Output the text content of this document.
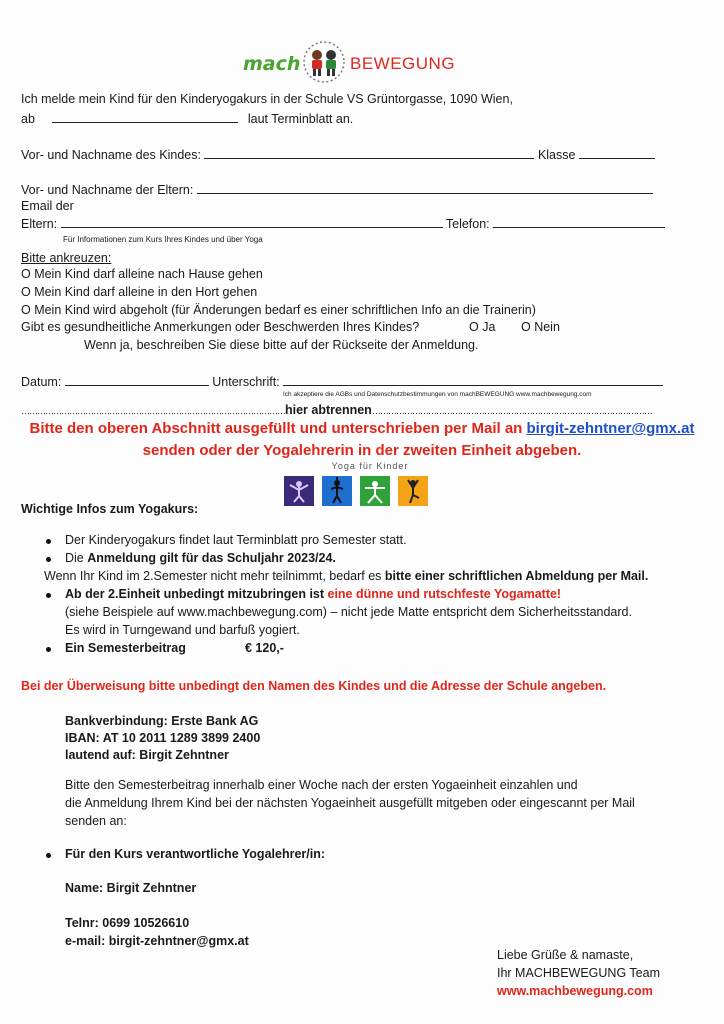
mach	BEWEGUNG
Ich melde mein Kind für den Kinderyogakurs in der Schule VS Grüntorgasse, 1090 Wien,
ab	laut Terminblatt an.
Vor- und Nachname des Kindes:	Klasse
Vor- und Nachname der Eltern:
Email der
Eltern:	Telefon:
Für Informationen zum Kurs Ihres Kindes und über Yoga
Bitte ankreuzen:
O Mein Kind darf alleine nach Hause gehen
O Mein Kind darf alleine in den Hort gehen
O Mein Kind wird abgeholt (für Änderungen bedarf es einer schriftlichen Info an die Trainerin)
Gibt es gesundheitliche Anmerkungen oder Beschwerden Ihres Kindes?	O Ja O Nein
Wenn ja, beschreiben Sie diese bitte auf der Rückseite der Anmeldung.
Datum:	Unterschrift:
Ich akzeptiere die AGBs und Datenschutzbestimmungen von machBEWEGUNG www.machbewegung.com
………………………………………………………………………………………hier abtrennen……………………………………………………………………………………………
Bitte den oberen Abschnitt ausgefüllt und unterschrieben per Mail an birgit-zehntner@gmx.at
senden oder der Yogalehrerin in der zweiten Einheit abgeben.
Yoga für Kinder
Wichtige Infos zum Yogakurs:
Der Kinderyogakurs findet laut Terminblatt pro Semester statt.
Die Anmeldung gilt für das Schuljahr 2023/24.
Wenn Ihr Kind im 2.Semester nicht mehr teilnimmt, bedarf es bitte einer schriftlichen Abmeldung per Mail.
Ab der 2.Einheit unbedingt mitzubringen ist eine dünne und rutschfeste Yogamatte!
(siehe Beispiele auf www.machbewegung.com) – nicht jede Matte entspricht dem Sicherheitsstandard.
Es wird in Turngewand und barfuß yogiert.
Ein Semesterbeitrag	€ 120,-
Bei der Überweisung bitte unbedingt den Namen des Kindes und die Adresse der Schule angeben.
Bankverbindung: Erste Bank AG
IBAN: AT 10 2011 1289 3899 2400
lautend auf: Birgit Zehntner
Bitte den Semesterbeitrag innerhalb einer Woche nach der ersten Yogaeinheit einzahlen und
die Anmeldung Ihrem Kind bei der nächsten Yogaeinheit ausgefüllt mitgeben oder eingescannt per Mail
senden an:
Für den Kurs verantwortliche Yogalehrer/in:
Name: Birgit Zehntner
Telnr: 0699 10526610
e-mail: birgit-zehntner@gmx.at
Liebe Grüße & namaste,
Ihr MACHBEWEGUNG Team
www.machbewegung.com
